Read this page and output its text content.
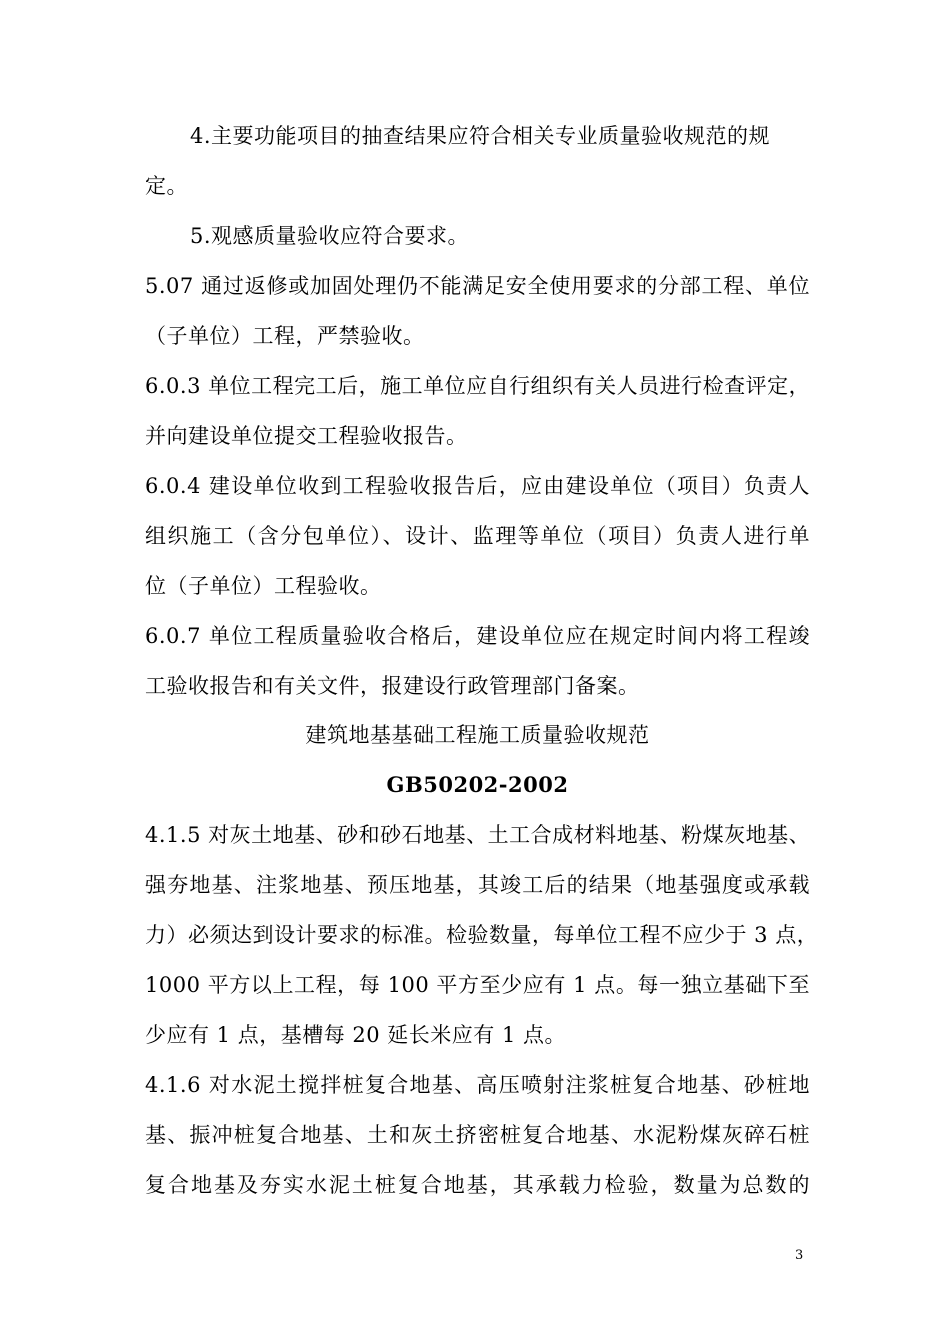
4.主要功能项目的抽查结果应符合相关专业质量验收规范的规
定。
5.观感质量验收应符合要求。
5.07 通过返修或加固处理仍不能满足安全使用要求的分部工程、单位
（子单位）工程，严禁验收。
6.0.3 单位工程完工后，施工单位应自行组织有关人员进行检查评定，
并向建设单位提交工程验收报告。
6.0.4 建设单位收到工程验收报告后，应由建设单位（项目）负责人
组织施工（含分包单位）、设计、监理等单位（项目）负责人进行单
位（子单位）工程验收。
6.0.7 单位工程质量验收合格后，建设单位应在规定时间内将工程竣
工验收报告和有关文件，报建设行政管理部门备案。
建筑地基基础工程施工质量验收规范
GB50202-2002
4.1.5 对灰土地基、砂和砂石地基、土工合成材料地基、粉煤灰地基、
强夯地基、注浆地基、预压地基，其竣工后的结果（地基强度或承载
力）必须达到设计要求的标准。检验数量，每单位工程不应少于 3 点，
1000 平方以上工程，每 100 平方至少应有 1 点。每一独立基础下至
少应有 1 点，基槽每 20 延长米应有 1 点。
4.1.6 对水泥土搅拌桩复合地基、高压喷射注浆桩复合地基、砂桩地
基、振冲桩复合地基、土和灰土挤密桩复合地基、水泥粉煤灰碎石桩
复合地基及夯实水泥土桩复合地基，其承载力检验，数量为总数的
3
